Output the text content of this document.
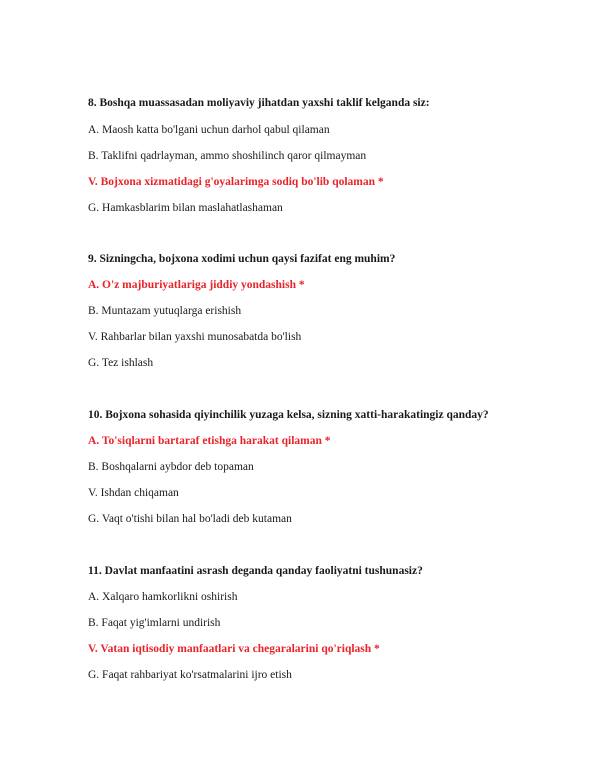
8. Boshqa muassasadan moliyaviy jihatdan yaxshi taklif kelganda siz:
A. Maosh katta bo'lgani uchun darhol qabul qilaman
B. Taklifni qadrlayman, ammo shoshilinch qaror qilmayman
V. Bojxona xizmatidagi g'oyalarimga sodiq bo'lib qolaman *
G. Hamkasblarim bilan maslahatlashaman
9. Sizningcha, bojxona xodimi uchun qaysi fazifat eng muhim?
A. O'z majburiyatlariga jiddiy yondashish *
B. Muntazam yutuqlarga erishish
V. Rahbarlar bilan yaxshi munosabatda bo'lish
G. Tez ishlash
10. Bojxona sohasida qiyinchilik yuzaga kelsa, sizning xatti-harakatingiz qanday?
A. To'siqlarni bartaraf etishga harakat qilaman *
B. Boshqalarni aybdor deb topaman
V. Ishdan chiqaman
G. Vaqt o'tishi bilan hal bo'ladi deb kutaman
11. Davlat manfaatini asrash deganda qanday faoliyatni tushunasiz?
A. Xalqaro hamkorlikni oshirish
B. Faqat yig'imlarni undirish
V. Vatan iqtisodiy manfaatlari va chegaralarini qo'riqlash *
G. Faqat rahbariyat ko'rsatmalarini ijro etish
